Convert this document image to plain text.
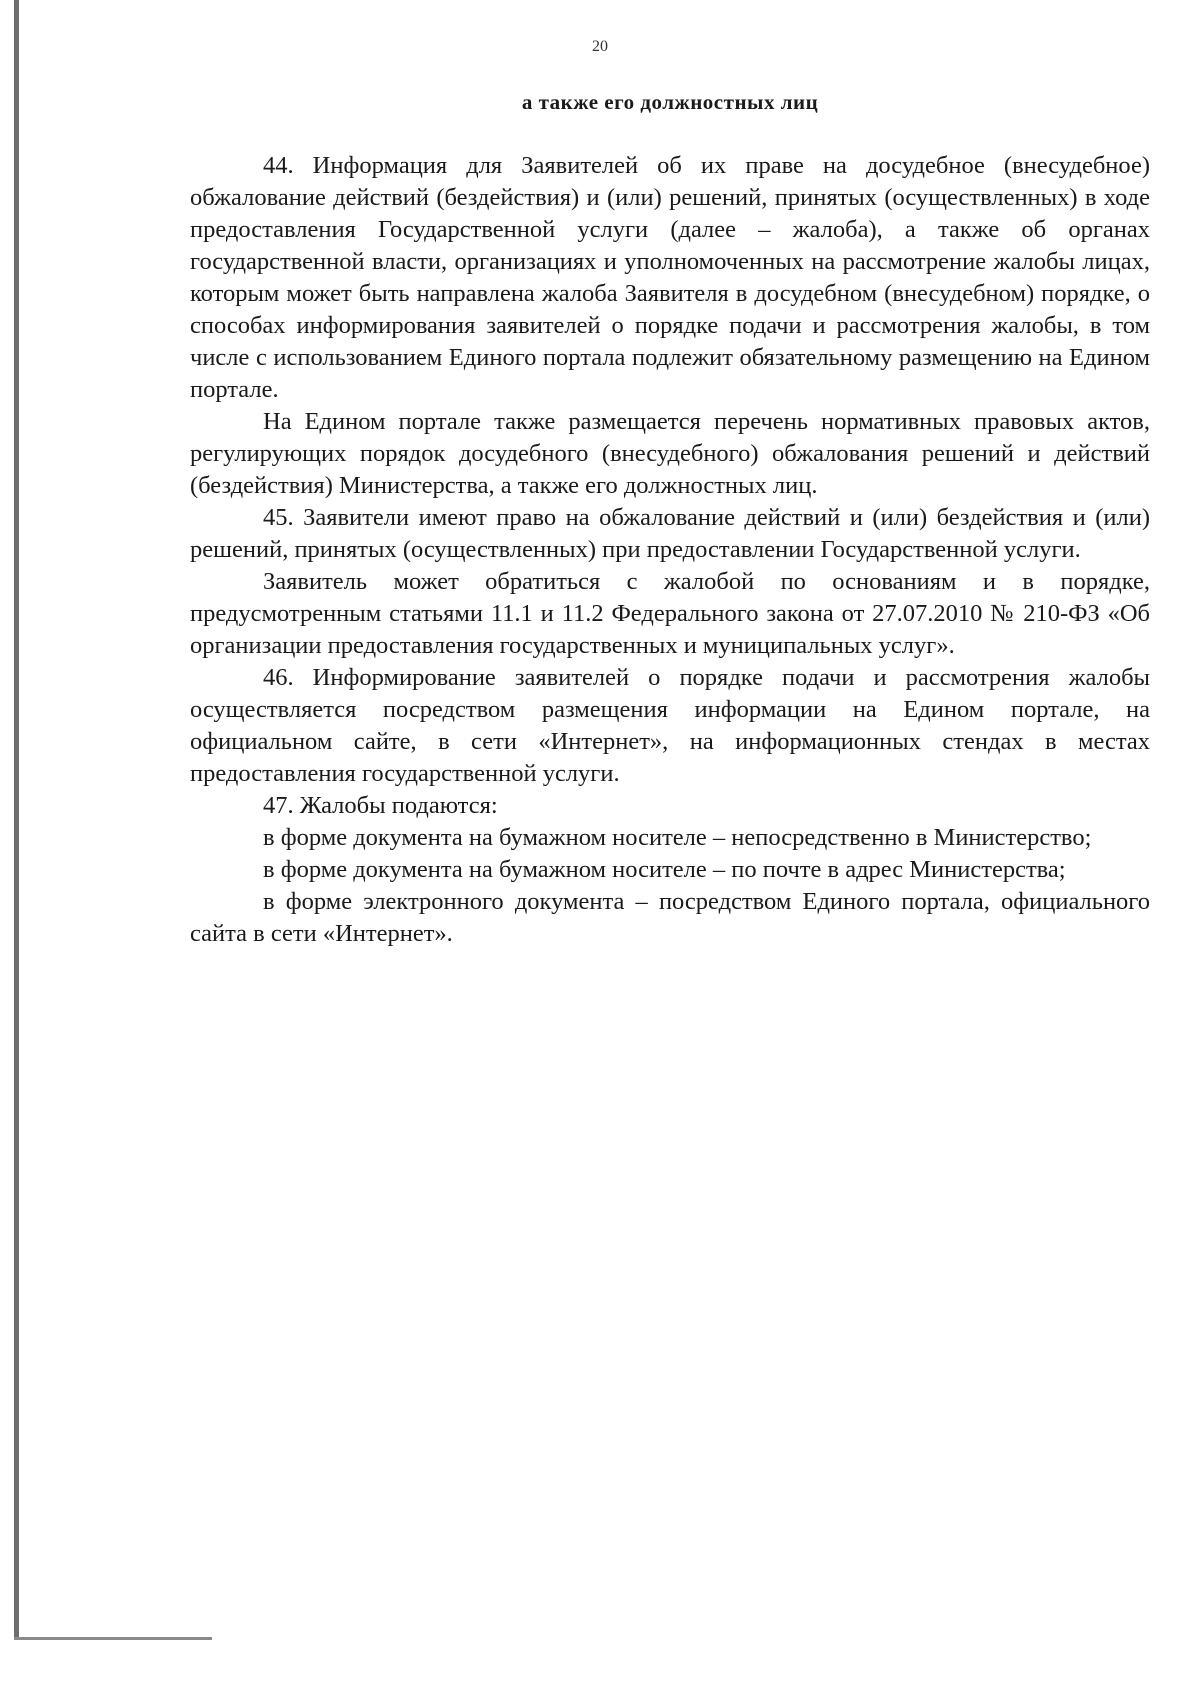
20
а также его должностных лиц

44. Информация для Заявителей об их праве на досудебное (внесудебное) обжалование действий (бездействия) и (или) решений, принятых (осуществленных) в ходе предоставления Государственной услуги (далее – жалоба), а также об органах государственной власти, организациях и уполномоченных на рассмотрение жалобы лицах, которым может быть направлена жалоба Заявителя в досудебном (внесудебном) порядке, о способах информирования заявителей о порядке подачи и рассмотрения жалобы, в том числе с использованием Единого портала подлежит обязательному размещению на Едином портале.

На Едином портале также размещается перечень нормативных правовых актов, регулирующих порядок досудебного (внесудебного) обжалования решений и действий (бездействия) Министерства, а также его должностных лиц.

45. Заявители имеют право на обжалование действий и (или) бездействия и (или) решений, принятых (осуществленных) при предоставлении Государственной услуги.

Заявитель может обратиться с жалобой по основаниям и в порядке, предусмотренным статьями 11.1 и 11.2 Федерального закона от 27.07.2010 № 210-ФЗ «Об организации предоставления государственных и муниципальных услуг».

46. Информирование заявителей о порядке подачи и рассмотрения жалобы осуществляется посредством размещения информации на Едином портале, на официальном сайте, в сети «Интернет», на информационных стендах в местах предоставления государственной услуги.

47. Жалобы подаются:

в форме документа на бумажном носителе – непосредственно в Министерство;

в форме документа на бумажном носителе – по почте в адрес Министерства;

в форме электронного документа – посредством Единого портала, официального сайта в сети «Интернет».
